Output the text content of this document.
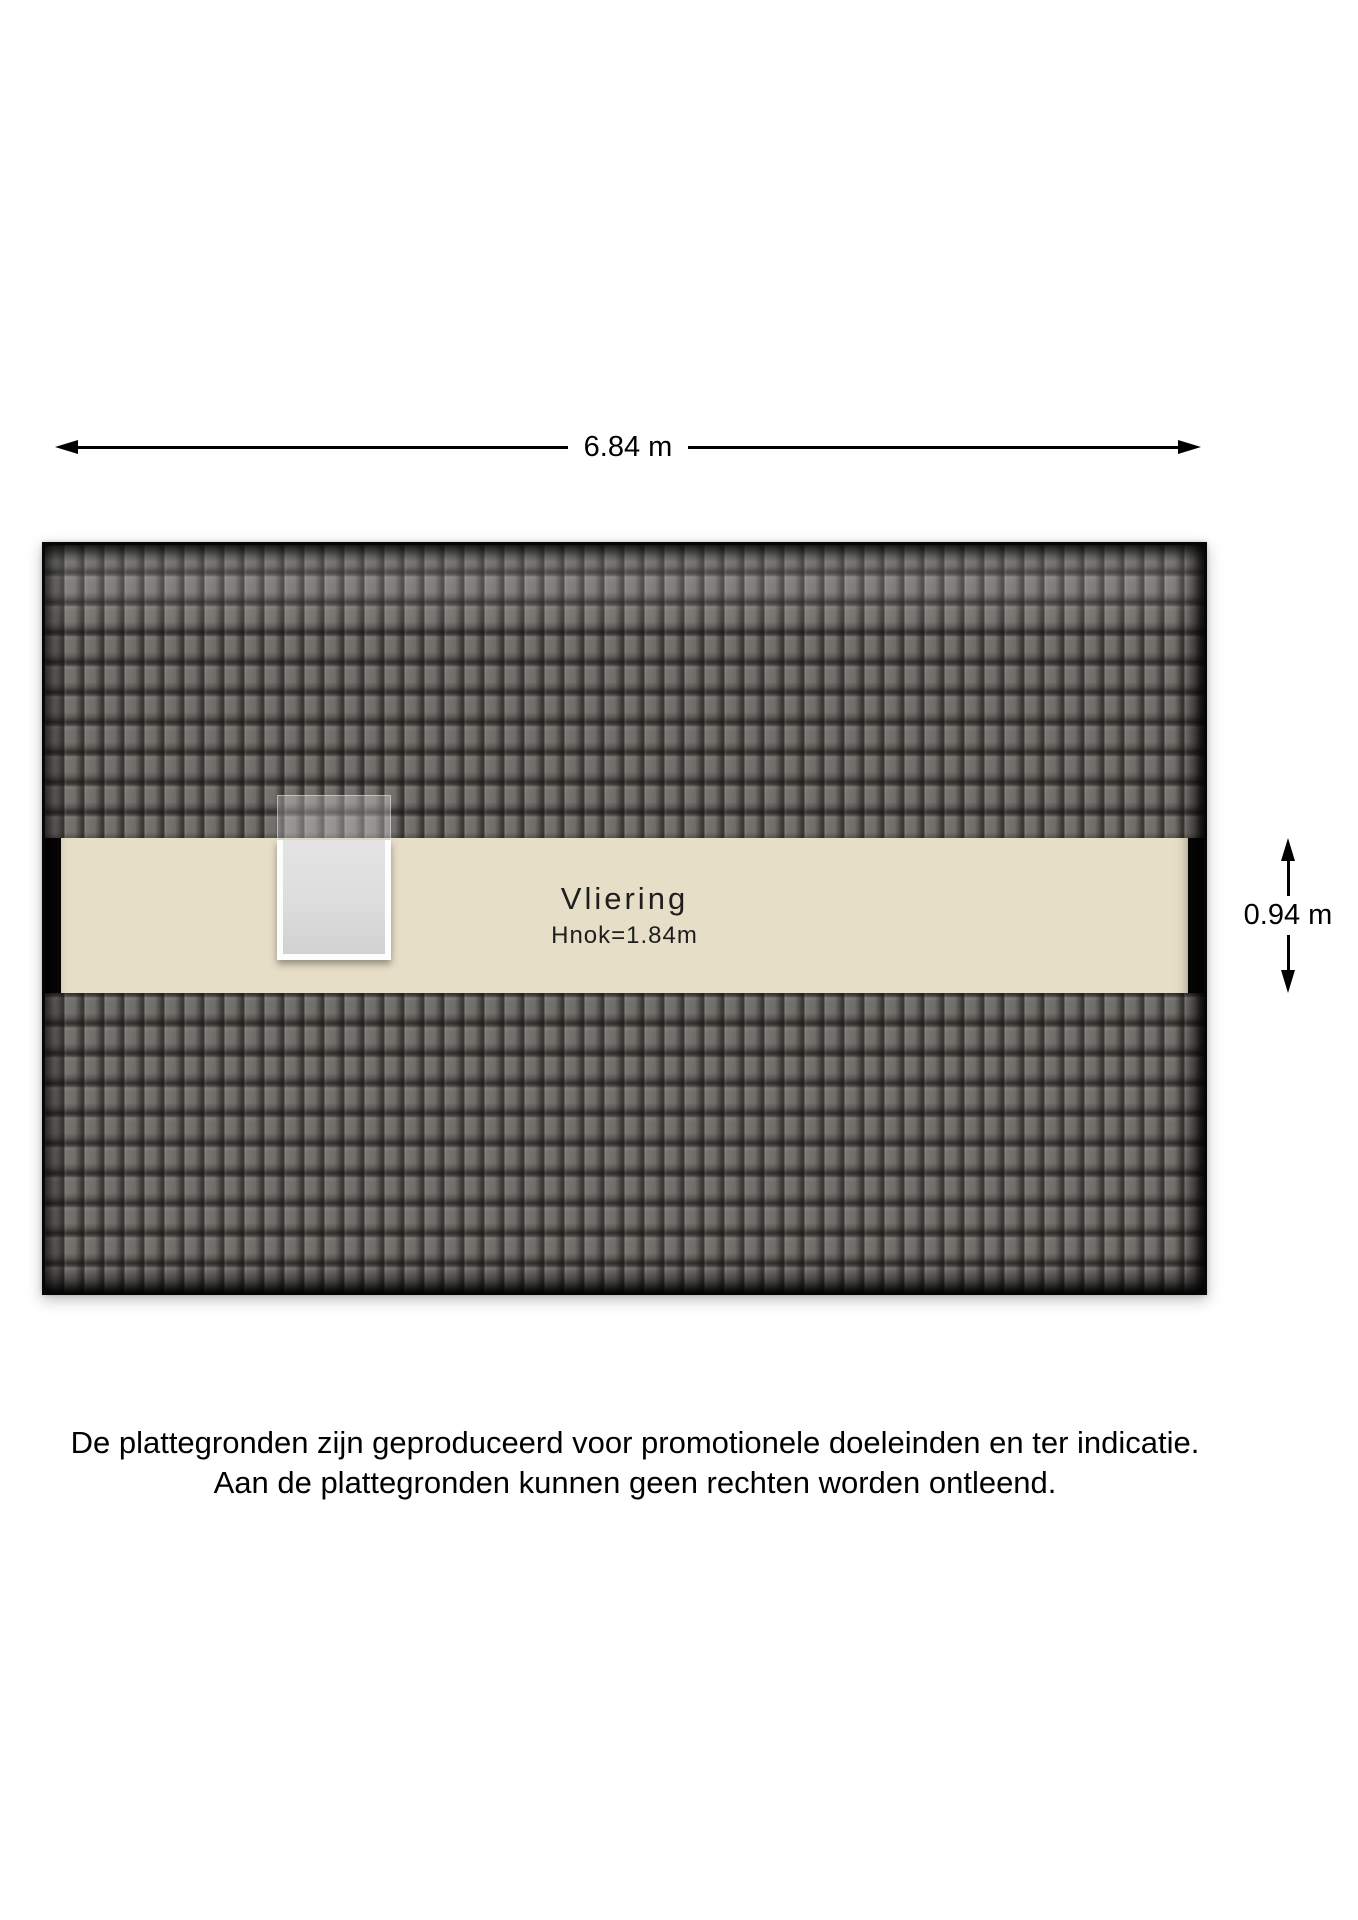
6.84 m
Vliering
Hnok=1.84m
0.94 m
De plattegronden zijn geproduceerd voor promotionele doeleinden en ter indicatie.
Aan de plattegronden kunnen geen rechten worden ontleend.
